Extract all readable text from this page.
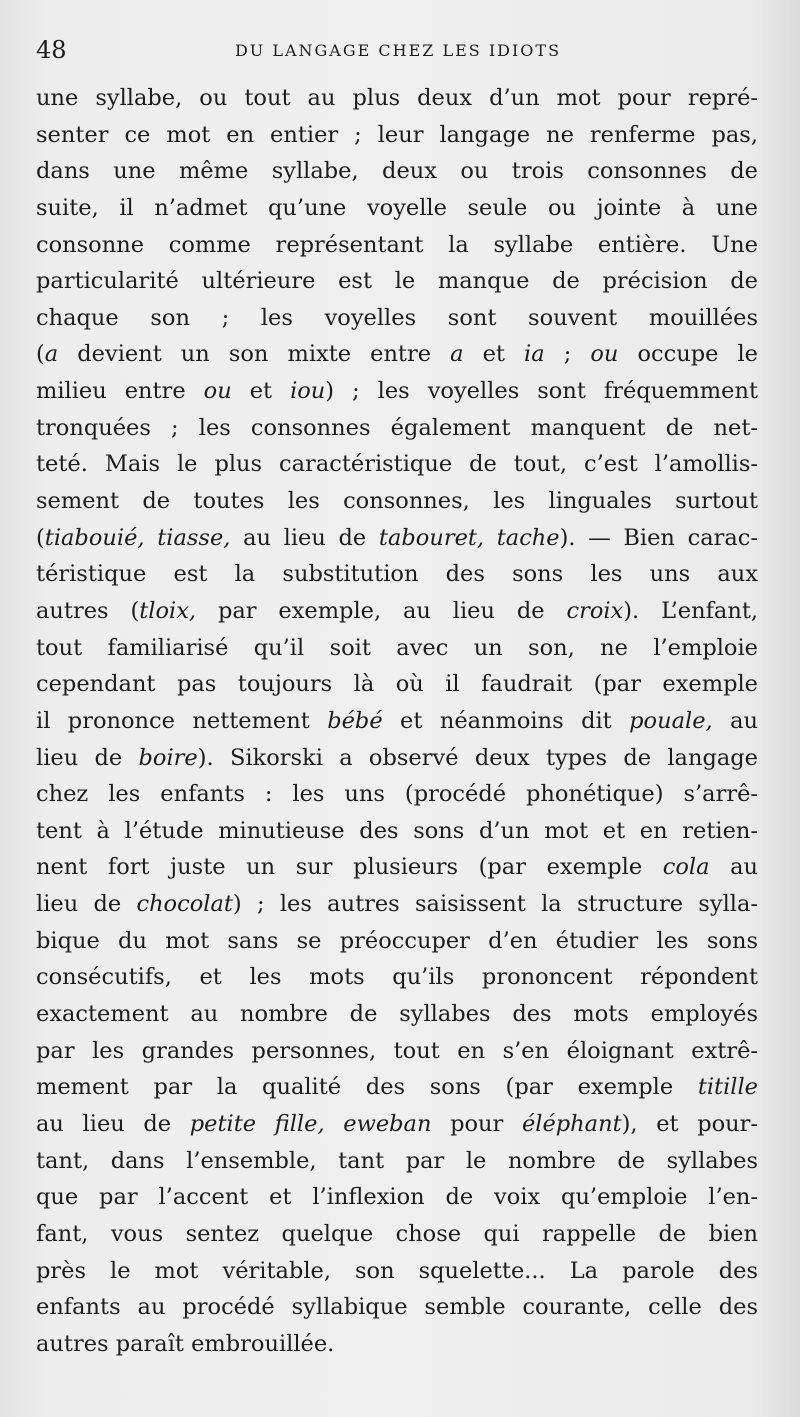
48	DU LANGAGE CHEZ LES IDIOTS
une syllabe, ou tout au plus deux d’un mot pour repré-
senter ce mot en entier ; leur langage ne renferme pas,
dans une même syllabe, deux ou trois consonnes de
suite, il n’admet qu’une voyelle seule ou jointe à une
consonne comme représentant la syllabe entière. Une
particularité ultérieure est le manque de précision de
chaque son ; les voyelles sont souvent mouillées
(a devient un son mixte entre a et ia ; ou occupe le
milieu entre ou et iou) ; les voyelles sont fréquemment
tronquées ; les consonnes également manquent de net-
teté. Mais le plus caractéristique de tout, c’est l’amollis-
sement de toutes les consonnes, les linguales surtout
(tiabouié, tiasse, au lieu de tabouret, tache). — Bien carac-
téristique est la substitution des sons les uns aux
autres (tloix, par exemple, au lieu de croix). L’enfant,
tout familiarisé qu’il soit avec un son, ne l’emploie
cependant pas toujours là où il faudrait (par exemple
il prononce nettement bébé et néanmoins dit pouale, au
lieu de boire). Sikorski a observé deux types de langage
chez les enfants : les uns (procédé phonétique) s’arrê-
tent à l’étude minutieuse des sons d’un mot et en retien-
nent fort juste un sur plusieurs (par exemple cola au
lieu de chocolat) ; les autres saisissent la structure sylla-
bique du mot sans se préoccuper d’en étudier les sons
consécutifs, et les mots qu’ils prononcent répondent
exactement au nombre de syllabes des mots employés
par les grandes personnes, tout en s’en éloignant extrê-
mement par la qualité des sons (par exemple titille
au lieu de petite fille, eweban pour éléphant), et pour-
tant, dans l’ensemble, tant par le nombre de syllabes
que par l’accent et l’inflexion de voix qu’emploie l’en-
fant, vous sentez quelque chose qui rappelle de bien
près le mot véritable, son squelette... La parole des
enfants au procédé syllabique semble courante, celle des
autres paraît embrouillée.
